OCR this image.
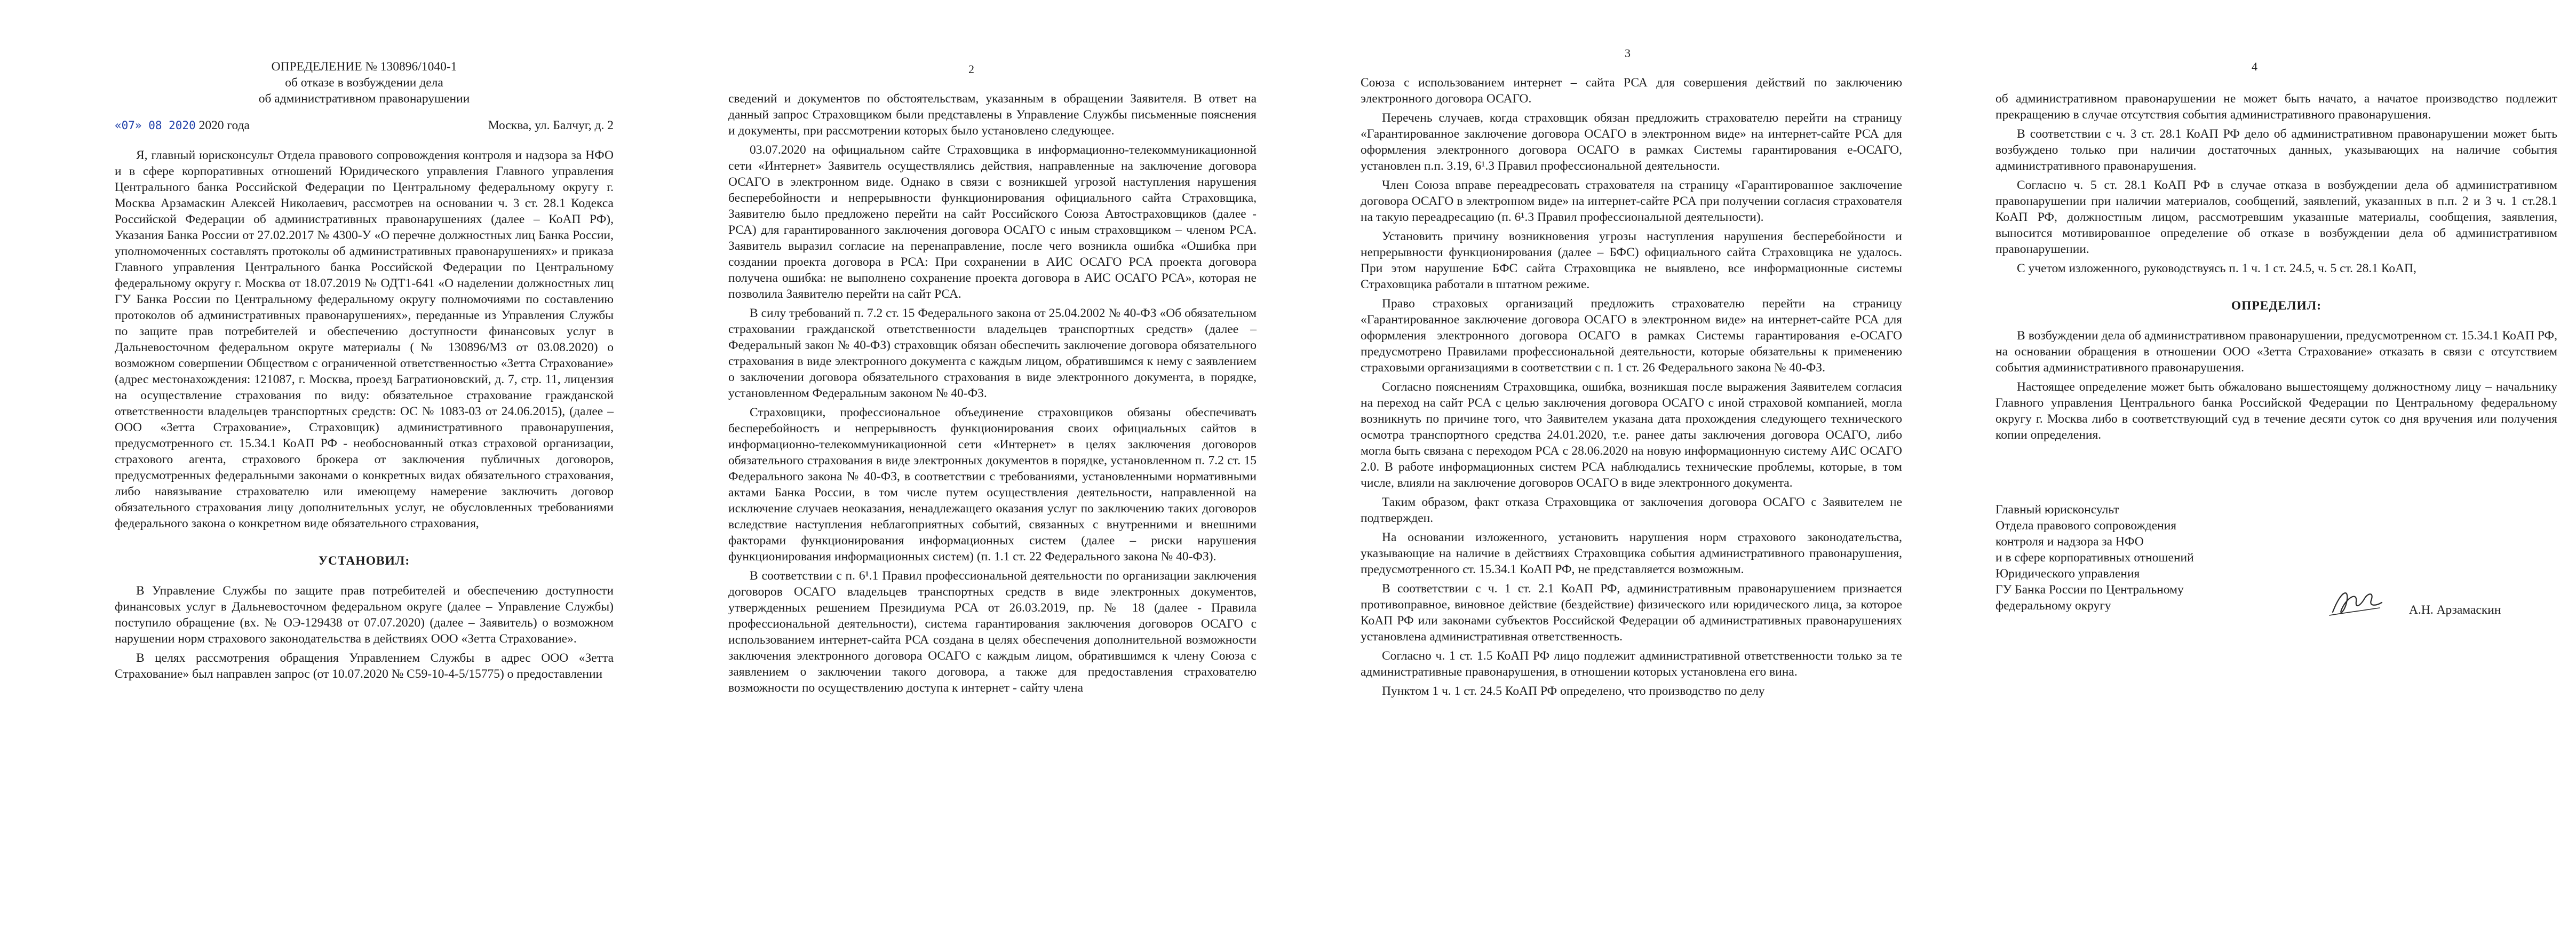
ОПРЕДЕЛЕНИЕ № 130896/1040-1
об отказе в возбуждении дела
об административном правонарушении
«07» 08 2020 2020 года	Москва, ул. Балчуг, д. 2

Я, главный юрисконсульт Отдела правового сопровождения контроля и надзора за НФО и в сфере корпоративных отношений Юридического управления Главного управления Центрального банка Российской Федерации по Центральному федеральному округу г. Москва Арзамаскин Алексей Николаевич, рассмотрев на основании ч. 3 ст. 28.1 Кодекса Российской Федерации об административных правонарушениях (далее – КоАП РФ), Указания Банка России от 27.02.2017 № 4300-У «О перечне должностных лиц Банка России, уполномоченных составлять протоколы об административных правонарушениях» и приказа Главного управления Центрального банка Российской Федерации по Центральному федеральному округу г. Москва от 18.07.2019 № ОДТ1-641 «О наделении должностных лиц ГУ Банка России по Центральному федеральному округу полномочиями по составлению протоколов об административных правонарушениях», переданные из Управления Службы по защите прав потребителей и обеспечению доступности финансовых услуг в Дальневосточном федеральном округе материалы (№ 130896/МЗ от 03.08.2020) о возможном совершении Обществом с ограниченной ответственностью «Зетта Страхование» (адрес местонахождения: 121087, г. Москва, проезд Багратионовский, д. 7, стр. 11, лицензия на осуществление страхования по виду: обязательное страхование гражданской ответственности владельцев транспортных средств: ОС № 1083-03 от 24.06.2015), (далее – ООО «Зетта Страхование», Страховщик) административного правонарушения, предусмотренного ст. 15.34.1 КоАП РФ - необоснованный отказ страховой организации, страхового агента, страхового брокера от заключения публичных договоров, предусмотренных федеральными законами о конкретных видах обязательного страхования, либо навязывание страхователю или имеющему намерение заключить договор обязательного страхования лицу дополнительных услуг, не обусловленных требованиями федерального закона о конкретном виде обязательного страхования,

УСТАНОВИЛ:

В Управление Службы по защите прав потребителей и обеспечению доступности финансовых услуг в Дальневосточном федеральном округе (далее – Управление Службы) поступило обращение (вх. № ОЭ-129438 от 07.07.2020) (далее – Заявитель) о возможном нарушении норм страхового законодательства в действиях ООО «Зетта Страхование».

В целях рассмотрения обращения Управлением Службы в адрес ООО «Зетта Страхование» был направлен запрос (от 10.07.2020 № С59-10-4-5/15775) о предоставлении

2

сведений и документов по обстоятельствам, указанным в обращении Заявителя. В ответ на данный запрос Страховщиком были представлены в Управление Службы письменные пояснения и документы, при рассмотрении которых было установлено следующее.

03.07.2020 на официальном сайте Страховщика в информационно-телекоммуникационной сети «Интернет» Заявитель осуществлялись действия, направленные на заключение договора ОСАГО в электронном виде. Однако в связи с возникшей угрозой наступления нарушения бесперебойности и непрерывности функционирования официального сайта Страховщика, Заявителю было предложено перейти на сайт Российского Союза Автостраховщиков (далее - РСА) для гарантированного заключения договора ОСАГО с иным страховщиком – членом РСА. Заявитель выразил согласие на перенаправление, после чего возникла ошибка «Ошибка при создании проекта договора в РСА: При сохранении в АИС ОСАГО РСА проекта договора получена ошибка: не выполнено сохранение проекта договора в АИС ОСАГО РСА», которая не позволила Заявителю перейти на сайт РСА.

В силу требований п. 7.2 ст. 15 Федерального закона от 25.04.2002 № 40-ФЗ «Об обязательном страховании гражданской ответственности владельцев транспортных средств» (далее – Федеральный закон № 40-ФЗ) страховщик обязан обеспечить заключение договора обязательного страхования в виде электронного документа с каждым лицом, обратившимся к нему с заявлением о заключении договора обязательного страхования в виде электронного документа, в порядке, установленном Федеральным законом № 40-ФЗ.

Страховщики, профессиональное объединение страховщиков обязаны обеспечивать бесперебойность и непрерывность функционирования своих официальных сайтов в информационно-телекоммуникационной сети «Интернет» в целях заключения договоров обязательного страхования в виде электронных документов в порядке, установленном п. 7.2 ст. 15 Федерального закона № 40-ФЗ, в соответствии с требованиями, установленными нормативными актами Банка России, в том числе путем осуществления деятельности, направленной на исключение случаев неоказания, ненадлежащего оказания услуг по заключению таких договоров вследствие наступления неблагоприятных событий, связанных с внутренними и внешними факторами функционирования информационных систем (далее – риски нарушения функционирования информационных систем) (п. 1.1 ст. 22 Федерального закона № 40-ФЗ).

В соответствии с п. 6¹.1 Правил профессиональной деятельности по организации заключения договоров ОСАГО владельцев транспортных средств в виде электронных документов, утвержденных решением Президиума РСА от 26.03.2019, пр. № 18 (далее - Правила профессиональной деятельности), система гарантирования заключения договоров ОСАГО с использованием интернет-сайта РСА создана в целях обеспечения дополнительной возможности заключения электронного договора ОСАГО с каждым лицом, обратившимся к члену Союза с заявлением о заключении такого договора, а также для предоставления страхователю возможности по осуществлению доступа к интернет - сайту члена

3

Союза с использованием интернет – сайта РСА для совершения действий по заключению электронного договора ОСАГО.

Перечень случаев, когда страховщик обязан предложить страхователю перейти на страницу «Гарантированное заключение договора ОСАГО в электронном виде» на интернет-сайте РСА для оформления электронного договора ОСАГО в рамках Системы гарантирования е-ОСАГО, установлен п.п. 3.19, 6¹.3 Правил профессиональной деятельности.

Член Союза вправе переадресовать страхователя на страницу «Гарантированное заключение договора ОСАГО в электронном виде» на интернет-сайте РСА при получении согласия страхователя на такую переадресацию (п. 6¹.3 Правил профессиональной деятельности).

Установить причину возникновения угрозы наступления нарушения бесперебойности и непрерывности функционирования (далее – БФС) официального сайта Страховщика не удалось. При этом нарушение БФС сайта Страховщика не выявлено, все информационные системы Страховщика работали в штатном режиме.

Право страховых организаций предложить страхователю перейти на страницу «Гарантированное заключение договора ОСАГО в электронном виде» на интернет-сайте РСА для оформления электронного договора ОСАГО в рамках Системы гарантирования е-ОСАГО предусмотрено Правилами профессиональной деятельности, которые обязательны к применению страховыми организациями в соответствии с п. 1 ст. 26 Федерального закона № 40-ФЗ.

Согласно пояснениям Страховщика, ошибка, возникшая после выражения Заявителем согласия на переход на сайт РСА с целью заключения договора ОСАГО с иной страховой компанией, могла возникнуть по причине того, что Заявителем указана дата прохождения следующего технического осмотра транспортного средства 24.01.2020, т.е. ранее даты заключения договора ОСАГО, либо могла быть связана с переходом РСА с 28.06.2020 на новую информационную систему АИС ОСАГО 2.0. В работе информационных систем РСА наблюдались технические проблемы, которые, в том числе, влияли на заключение договоров ОСАГО в виде электронного документа.

Таким образом, факт отказа Страховщика от заключения договора ОСАГО с Заявителем не подтвержден.

На основании изложенного, установить нарушения норм страхового законодательства, указывающие на наличие в действиях Страховщика события административного правонарушения, предусмотренного ст. 15.34.1 КоАП РФ, не представляется возможным.

В соответствии с ч. 1 ст. 2.1 КоАП РФ, административным правонарушением признается противоправное, виновное действие (бездействие) физического или юридического лица, за которое КоАП РФ или законами субъектов Российской Федерации об административных правонарушениях установлена административная ответственность.

Согласно ч. 1 ст. 1.5 КоАП РФ лицо подлежит административной ответственности только за те административные правонарушения, в отношении которых установлена его вина.

Пунктом 1 ч. 1 ст. 24.5 КоАП РФ определено, что производство по делу

4

об административном правонарушении не может быть начато, а начатое производство подлежит прекращению в случае отсутствия события административного правонарушения.

В соответствии с ч. 3 ст. 28.1 КоАП РФ дело об административном правонарушении может быть возбуждено только при наличии достаточных данных, указывающих на наличие события административного правонарушения.

Согласно ч. 5 ст. 28.1 КоАП РФ в случае отказа в возбуждении дела об административном правонарушении при наличии материалов, сообщений, заявлений, указанных в п.п. 2 и 3 ч. 1 ст.28.1 КоАП РФ, должностным лицом, рассмотревшим указанные материалы, сообщения, заявления, выносится мотивированное определение об отказе в возбуждении дела об административном правонарушении.

С учетом изложенного, руководствуясь п. 1 ч. 1 ст. 24.5, ч. 5 ст. 28.1 КоАП,

ОПРЕДЕЛИЛ:

В возбуждении дела об административном правонарушении, предусмотренном ст. 15.34.1 КоАП РФ, на основании обращения в отношении ООО «Зетта Страхование» отказать в связи с отсутствием события административного правонарушения.

Настоящее определение может быть обжаловано вышестоящему должностному лицу – начальнику Главного управления Центрального банка Российской Федерации по Центральному федеральному округу г. Москва либо в соответствующий суд в течение десяти суток со дня вручения или получения копии определения.

Главный юрисконсульт
Отдела правового сопровождения
контроля и надзора за НФО
и в сфере корпоративных отношений
Юридического управления
ГУ Банка России по Центральному
федеральному округу	А.Н. Арзамаскин
